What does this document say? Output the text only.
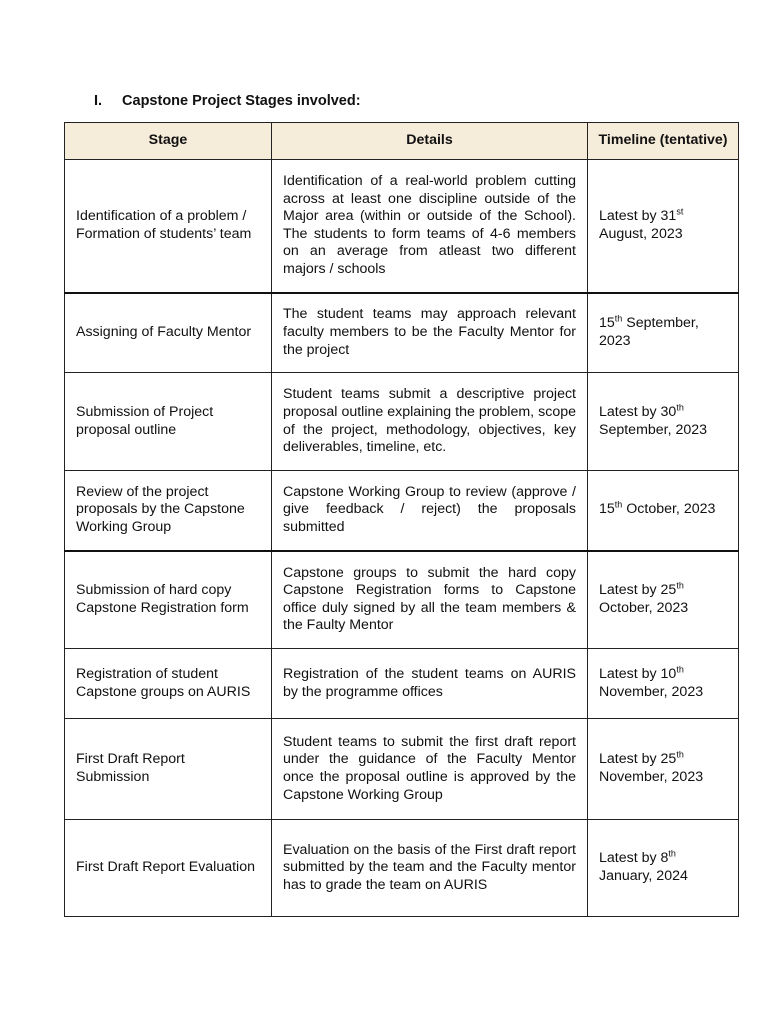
I. Capstone Project Stages involved:
Stage	Details	Timeline (tentative)
Identification of a problem / Formation of students’ team	Identification of a real-world problem cutting across at least one discipline outside of the Major area (within or outside of the School). The students to form teams of 4-6 members on an average from atleast two different majors / schools	Latest by 31st
August, 2023
Assigning of Faculty Mentor	The student teams may approach relevant faculty members to be the Faculty Mentor for the project	15th September, 2023
Submission of Project proposal outline	Student teams submit a descriptive project proposal outline explaining the problem, scope of the project, methodology, objectives, key deliverables, timeline, etc.	Latest by 30th
September, 2023
Review of the project proposals by the Capstone Working Group	Capstone Working Group to review (approve / give feedback / reject) the proposals submitted	15th October, 2023
Submission of hard copy Capstone Registration form	Capstone groups to submit the hard copy Capstone Registration forms to Capstone office duly signed by all the team members & the Faulty Mentor	Latest by 25th
October, 2023
Registration of student Capstone groups on AURIS	Registration of the student teams on AURIS by the programme offices	Latest by 10th
November, 2023
First Draft Report Submission	Student teams to submit the first draft report under the guidance of the Faculty Mentor once the proposal outline is approved by the Capstone Working Group	Latest by 25th
November, 2023
First Draft Report Evaluation	Evaluation on the basis of the First draft report submitted by the team and the Faculty mentor has to grade the team on AURIS	Latest by 8th
January, 2024
